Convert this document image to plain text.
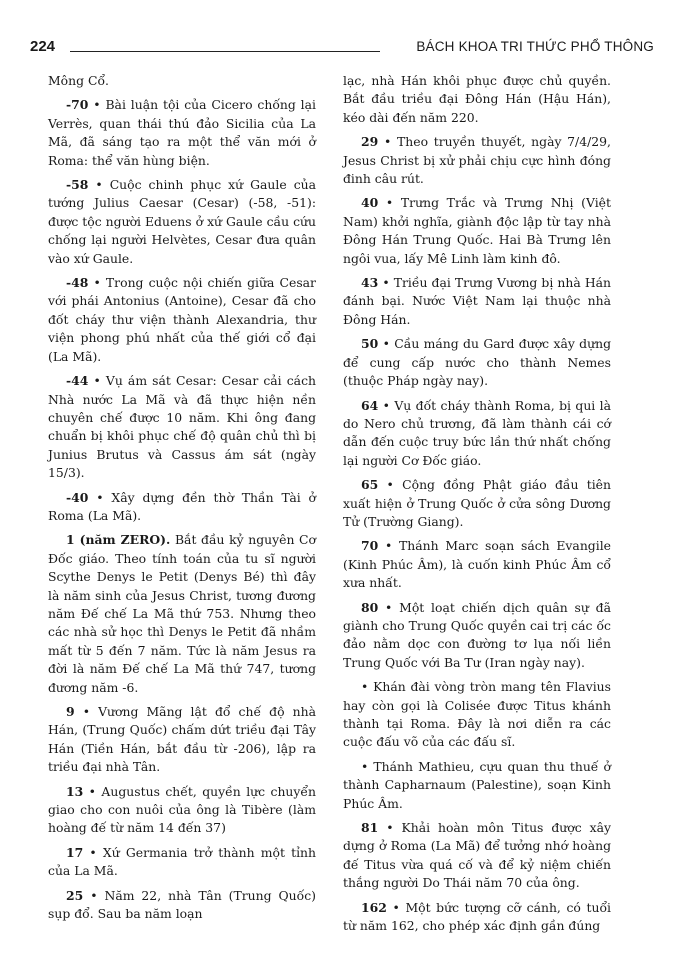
224	BÁCH KHOA TRI THỨC PHỔ THÔNG

Mông Cổ.

-70 • Bài luận tội của Cicero chống lại Verrès, quan thái thú đảo Sicilia của La Mã, đã sáng tạo ra một thể văn mới ở Roma: thể văn hùng biện.

-58 • Cuộc chinh phục xứ Gaule của tướng Julius Caesar (Cesar) (-58, -51): được tộc người Eduens ở xứ Gaule cầu cứu chống lại người Helvètes, Cesar đưa quân vào xứ Gaule.

-48 • Trong cuộc nội chiến giữa Cesar với phái Antonius (Antoine), Cesar đã cho đốt cháy thư viện thành Alexandria, thư viện phong phú nhất của thế giới cổ đại (La Mã).

-44 • Vụ ám sát Cesar: Cesar cải cách Nhà nước La Mã và đã thực hiện nền chuyên chế được 10 năm. Khi ông đang chuẩn bị khôi phục chế độ quân chủ thì bị Junius Brutus và Cassus ám sát (ngày 15/3).

-40 • Xây dựng đền thờ Thần Tài ở Roma (La Mã).

1 (năm ZERO). Bắt đầu kỷ nguyên Cơ Đốc giáo. Theo tính toán của tu sĩ người Scythe Denys le Petit (Denys Bé) thì đây là năm sinh của Jesus Christ, tương đương năm Đế chế La Mã thứ 753. Nhưng theo các nhà sử học thì Denys le Petit đã nhầm mất từ 5 đến 7 năm. Tức là năm Jesus ra đời là năm Đế chế La Mã thứ 747, tương đương năm -6.

9 • Vương Mãng lật đổ chế độ nhà Hán, (Trung Quốc) chấm dứt triều đại Tây Hán (Tiền Hán, bắt đầu từ -206), lập ra triều đại nhà Tân.

13 • Augustus chết, quyền lực chuyển giao cho con nuôi của ông là Tibère (làm hoàng đế từ năm 14 đến 37)

17 • Xứ Germania trở thành một tỉnh của La Mã.

25 • Năm 22, nhà Tân (Trung Quốc) sụp đổ. Sau ba năm loạn

lạc, nhà Hán khôi phục được chủ quyền. Bắt đầu triều đại Đông Hán (Hậu Hán), kéo dài đến năm 220.

29 • Theo truyền thuyết, ngày 7/4/29, Jesus Christ bị xử phải chịu cực hình đóng đinh câu rút.

40 • Trưng Trắc và Trưng Nhị (Việt Nam) khởi nghĩa, giành độc lập từ tay nhà Đông Hán Trung Quốc. Hai Bà Trưng lên ngôi vua, lấy Mê Linh làm kinh đô.

43 • Triều đại Trưng Vương bị nhà Hán đánh bại. Nước Việt Nam lại thuộc nhà Đông Hán.

50 • Cầu máng du Gard được xây dựng để cung cấp nước cho thành Nemes (thuộc Pháp ngày nay).

64 • Vụ đốt cháy thành Roma, bị qui là do Nero chủ trương, đã làm thành cái cớ dẫn đến cuộc truy bức lần thứ nhất chống lại người Cơ Đốc giáo.

65 • Cộng đồng Phật giáo đầu tiên xuất hiện ở Trung Quốc ở cửa sông Dương Tử (Trường Giang).

70 • Thánh Marc soạn sách Evangile (Kinh Phúc Âm), là cuốn kinh Phúc Âm cổ xưa nhất.

80 • Một loạt chiến dịch quân sự đã giành cho Trung Quốc quyền cai trị các ốc đảo nằm dọc con đường tơ lụa nối liền Trung Quốc với Ba Tư (Iran ngày nay).

• Khán đài vòng tròn mang tên Flavius hay còn gọi là Colisée được Titus khánh thành tại Roma. Đây là nơi diễn ra các cuộc đấu võ của các đấu sĩ.

• Thánh Mathieu, cựu quan thu thuế ở thành Capharnaum (Palestine), soạn Kinh Phúc Âm.

81 • Khải hoàn môn Titus được xây dựng ở Roma (La Mã) để tưởng nhớ hoàng đế Titus vừa quá cố và để kỷ niệm chiến thắng người Do Thái năm 70 của ông.

162 • Một bức tượng cỡ cánh, có tuổi từ năm 162, cho phép xác định gần đúng
